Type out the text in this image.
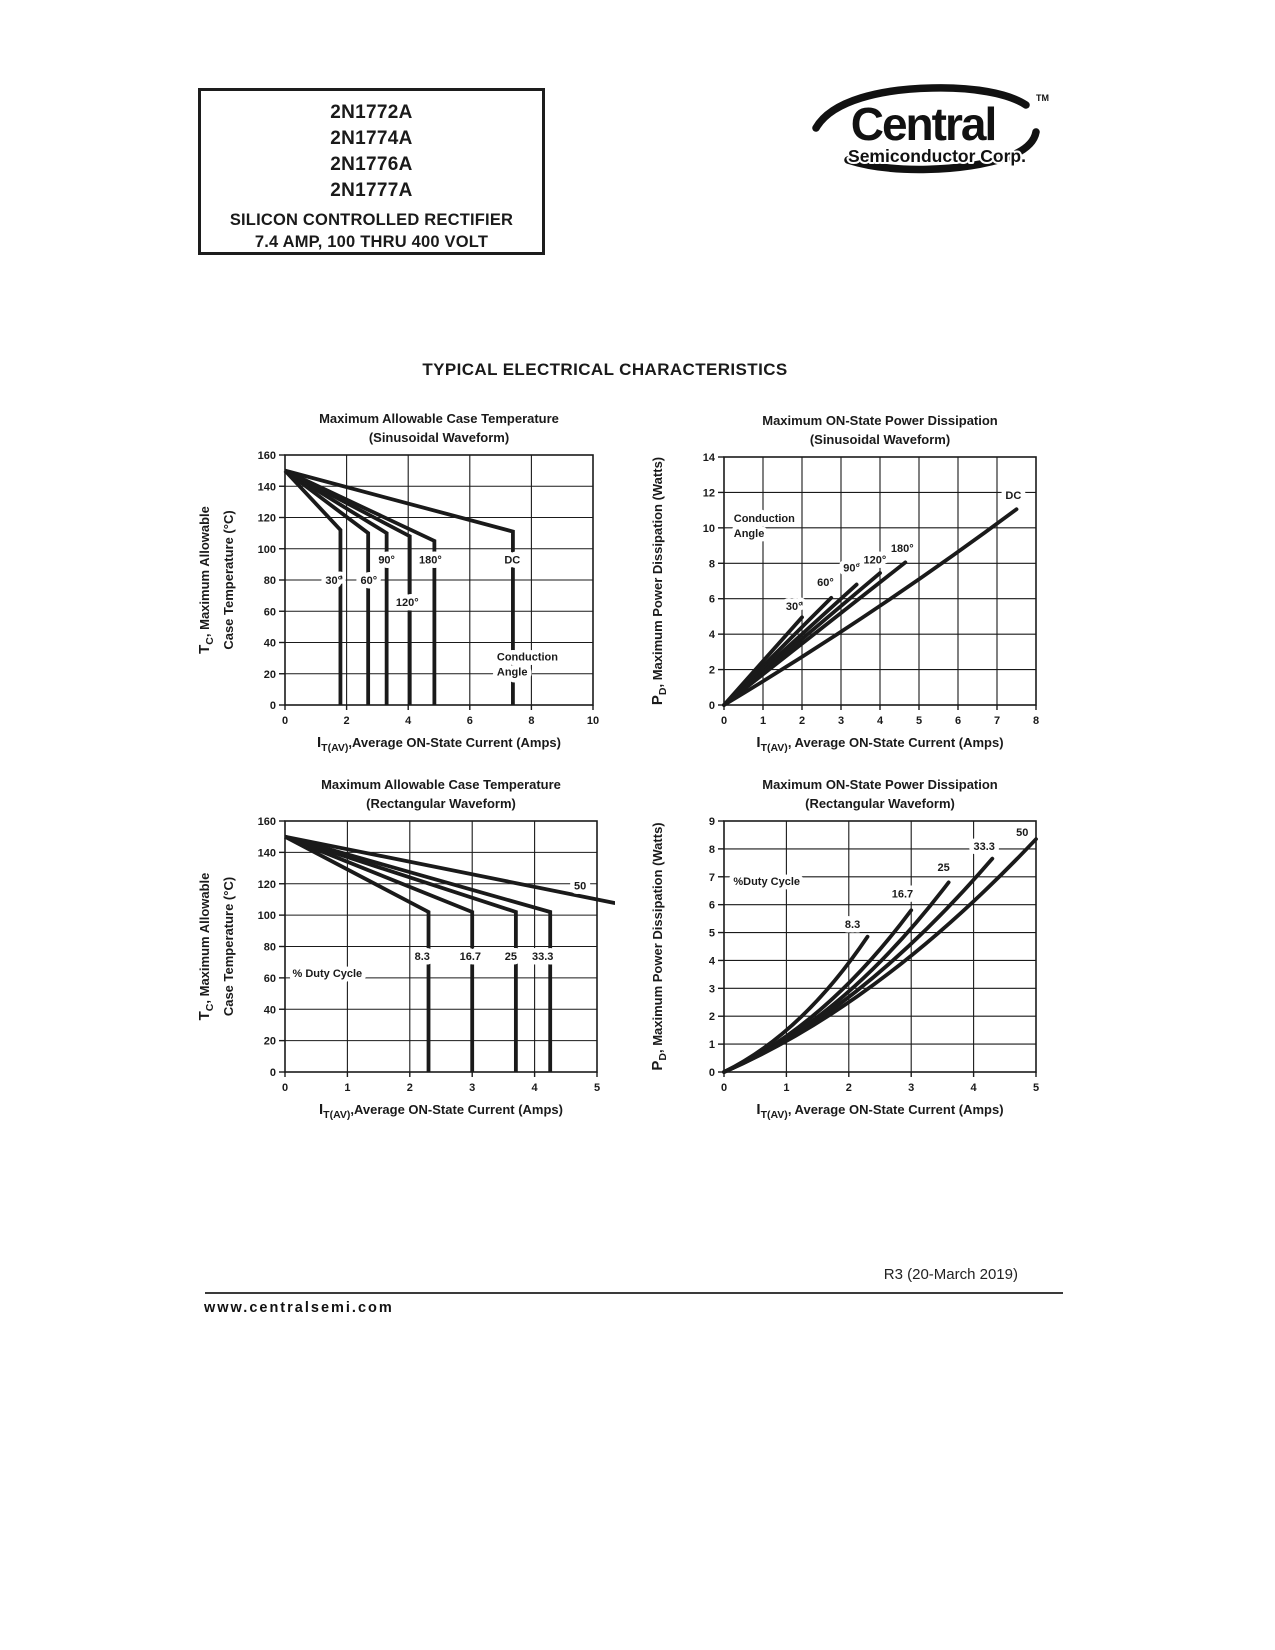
2N1772A
2N1774A
2N1776A
2N1777A
SILICON CONTROLLED RECTIFIER
7.4 AMP, 100 THRU 400 VOLT
Central
Semiconductor Corp.
TM
TYPICAL ELECTRICAL CHARACTERISTICS
30° 60°
90°
120°
180°	DC
Conduction
Angle
0	2	4	6	8	10
0
20
40
60
80
100
120
140
160
Maximum Allowable Case Temperature
(Sinusoidal Waveform)
$I_{T(AV)},Average$ ON-State Current (Amps)
$T_C$, Maximum Allowable Case Temperature (°C)	30°
60°
90°
120°
180°
DC
Conduction
Angle
0	1	2	3	4	5	6	7	8
0
2
4
6
8
10
12
14
Maximum ON-State Power Dissipation
(Sinusoidal Waveform)
$I_{T(AV)}$, Average ON-State Current (Amps)
$P_D$, Maximum Power Dissipation (Watts)
8.3	16.7 25 33.3
50
% Duty Cycle
0	1	2	3	4	5
0
20
40
60
80
100
120
140
160
Maximum Allowable Case Temperature
(Rectangular Waveform)
$I_{T(AV)},Average$ ON-State Current (Amps)
$T_C$, Maximum Allowable Case Temperature (°C)	8.3
16.7
25
33.3
50
%Duty Cycle
0	1	2	3	4	5
0
1
2
3
4
5
6
7
8
9
Maximum ON-State Power Dissipation
(Rectangular Waveform)
$I_{T(AV)}$, Average ON-State Current (Amps)
$P_D$, Maximum Power Dissipation (Watts)
R3 (20-March 2019)
www.centralsemi.com
